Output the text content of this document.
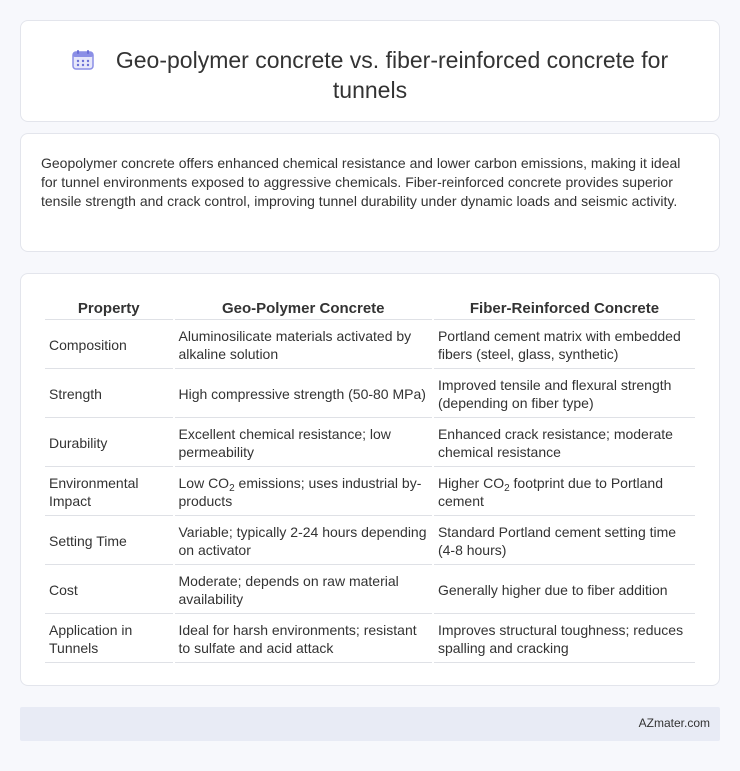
Geo-polymer concrete vs. fiber-reinforced concrete for tunnels

Geopolymer concrete offers enhanced chemical resistance and lower carbon emissions, making it ideal for tunnel environments exposed to aggressive chemicals. Fiber-reinforced concrete provides superior tensile strength and crack control, improving tunnel durability under dynamic loads and seismic activity.

Property	Geo-Polymer Concrete	Fiber-Reinforced Concrete
Composition	Aluminosilicate materials activated by alkaline solution	Portland cement matrix with embedded fibers (steel, glass, synthetic)
Strength	High compressive strength (50-80 MPa)	Improved tensile and flexural strength (depending on fiber type)
Durability	Excellent chemical resistance; low permeability	Enhanced crack resistance; moderate chemical resistance
Environmental Impact	Low $CO_2$ emissions; uses industrial by-products	Higher $CO_2$ footprint due to Portland cement
Setting Time	Variable; typically 2-24 hours depending on activator	Standard Portland cement setting time (4-8 hours)
Cost	Moderate; depends on raw material availability	Generally higher due to fiber addition
Application in Tunnels	Ideal for harsh environments; resistant to sulfate and acid attack	Improves structural toughness; reduces spalling and cracking
AZmater.com
